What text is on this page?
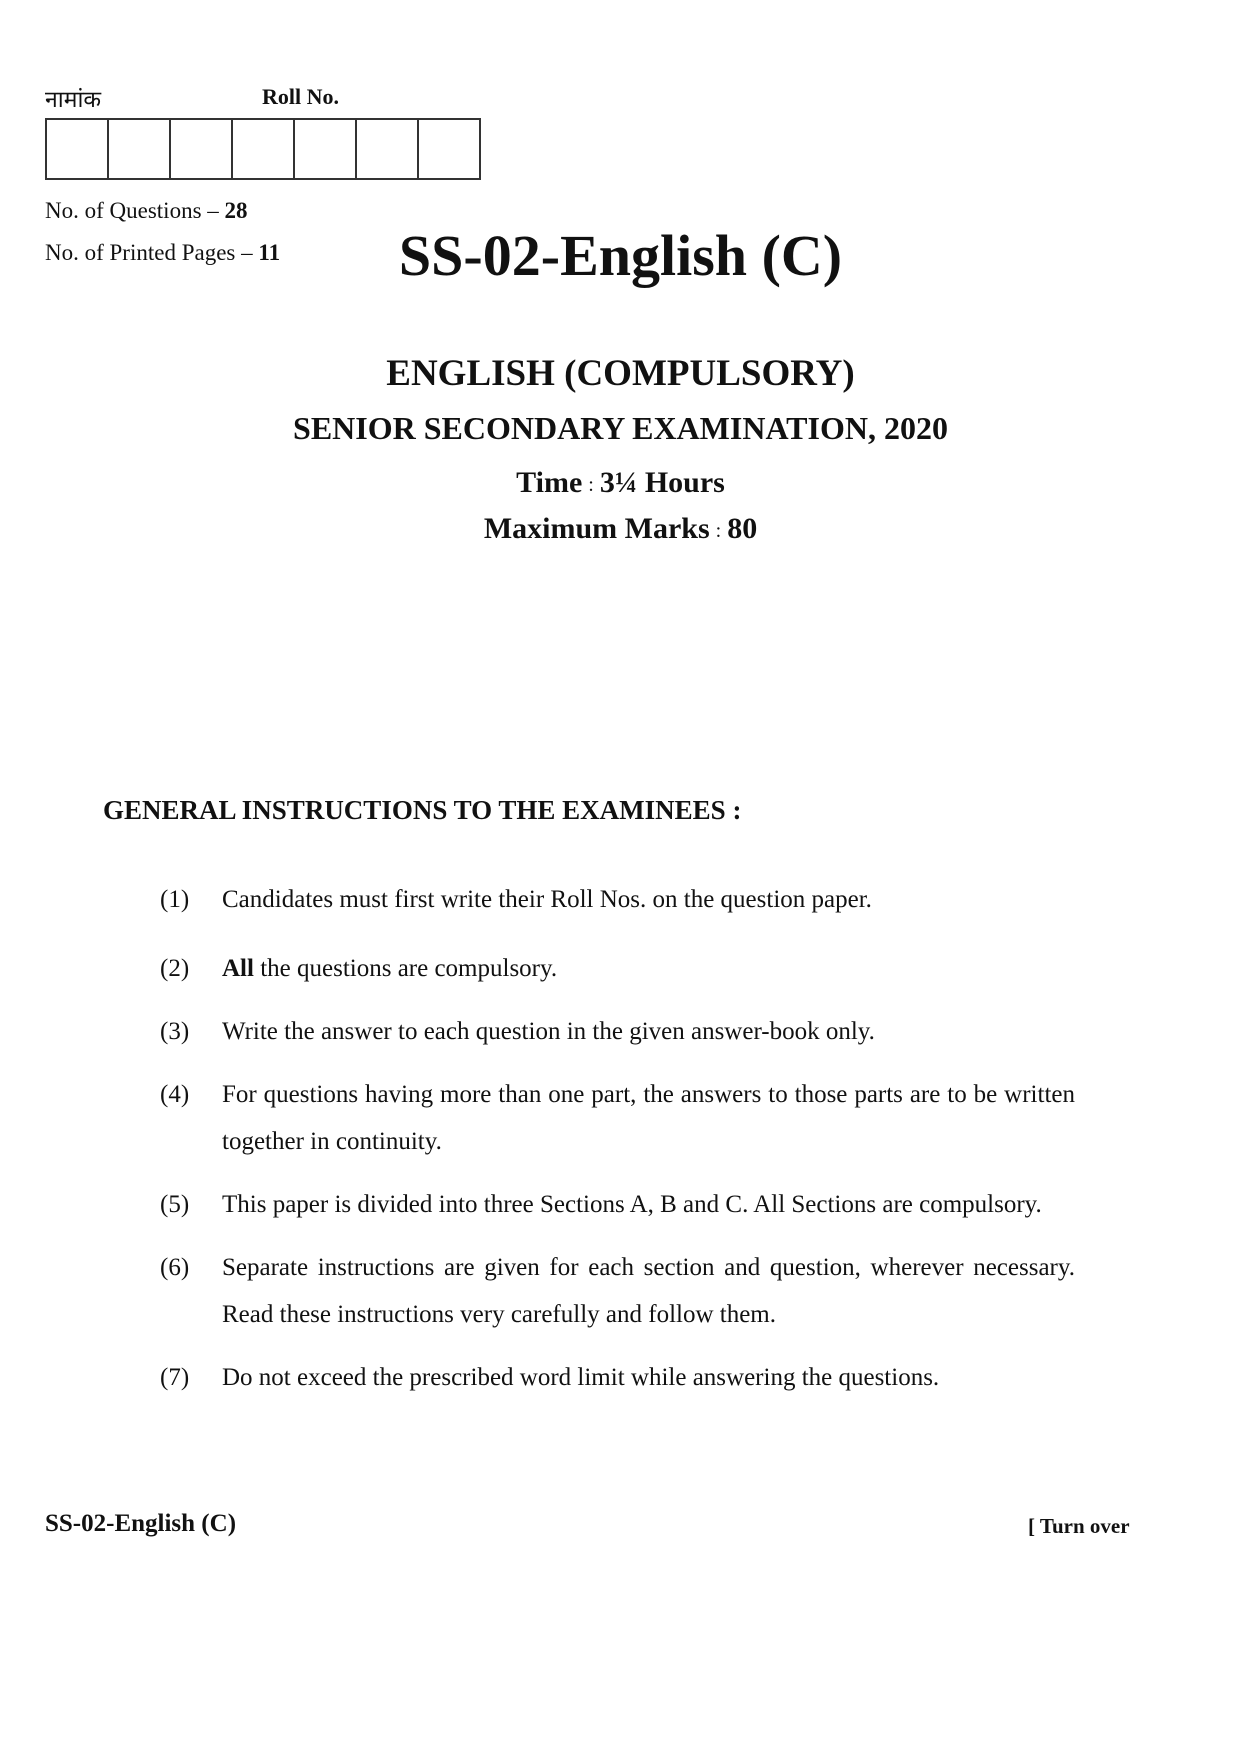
नामांक	Roll No.
No. of Questions – 28
No. of Printed Pages – 11	SS-02-English (C)
ENGLISH (COMPULSORY)
SENIOR SECONDARY EXAMINATION, 2020
Time : 3¼ Hours
Maximum Marks : 80
GENERAL INSTRUCTIONS TO THE EXAMINEES :
(1)	Candidates must first write their Roll Nos. on the question paper.
(2)	All the questions are compulsory.
(3)	Write the answer to each question in the given answer-book only.
(4)	For questions having more than one part, the answers to those parts are to be written together in continuity.
(5)	This paper is divided into three Sections A, B and C. All Sections are compulsory.
(6)	Separate instructions are given for each section and question, wherever necessary. Read these instructions very carefully and follow them.
(7)	Do not exceed the prescribed word limit while answering the questions.
SS-02-English (C)	[ Turn over
